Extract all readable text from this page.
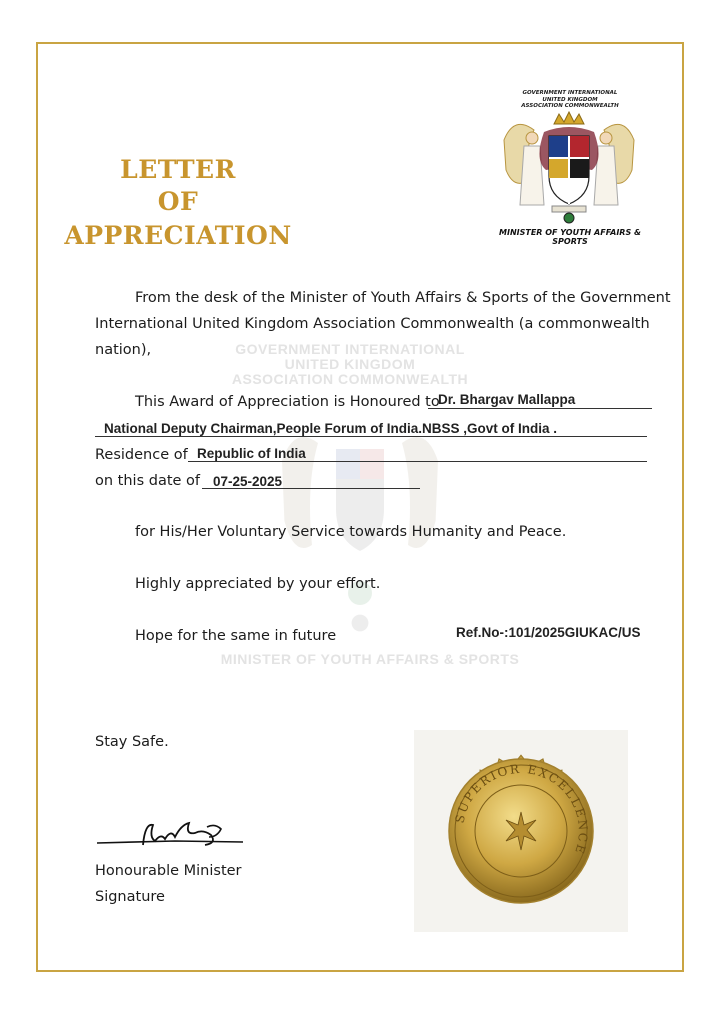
LETTER
OF
APPRECIATION
GOVERNMENT INTERNATIONAL
UNITED KINGDOM
ASSOCIATION COMMONWEALTH
MINISTER OF YOUTH AFFAIRS & SPORTS
GOVERNMENT INTERNATIONAL
UNITED KINGDOM
ASSOCIATION COMMONWEALTH
MINISTER OF YOUTH AFFAIRS & SPORTS
From the desk of the Minister of Youth Affairs & Sports of the Government
International United Kingdom Association Commonwealth (a commonwealth
nation),
This Award of Appreciation is Honoured to
Dr. Bhargav Mallappa
National Deputy Chairman,People Forum of India.NBSS ,Govt of India .
Residence of Republic of India
on this date of 07-25-2025
for His/Her Voluntary Service towards Humanity and Peace.
Highly appreciated by your effort.
Hope for the same in future	Ref.No-:101/2025GIUKAC/US
Stay Safe.
Honourable Minister
Signature
SUPERIOR EXCELLENCE
